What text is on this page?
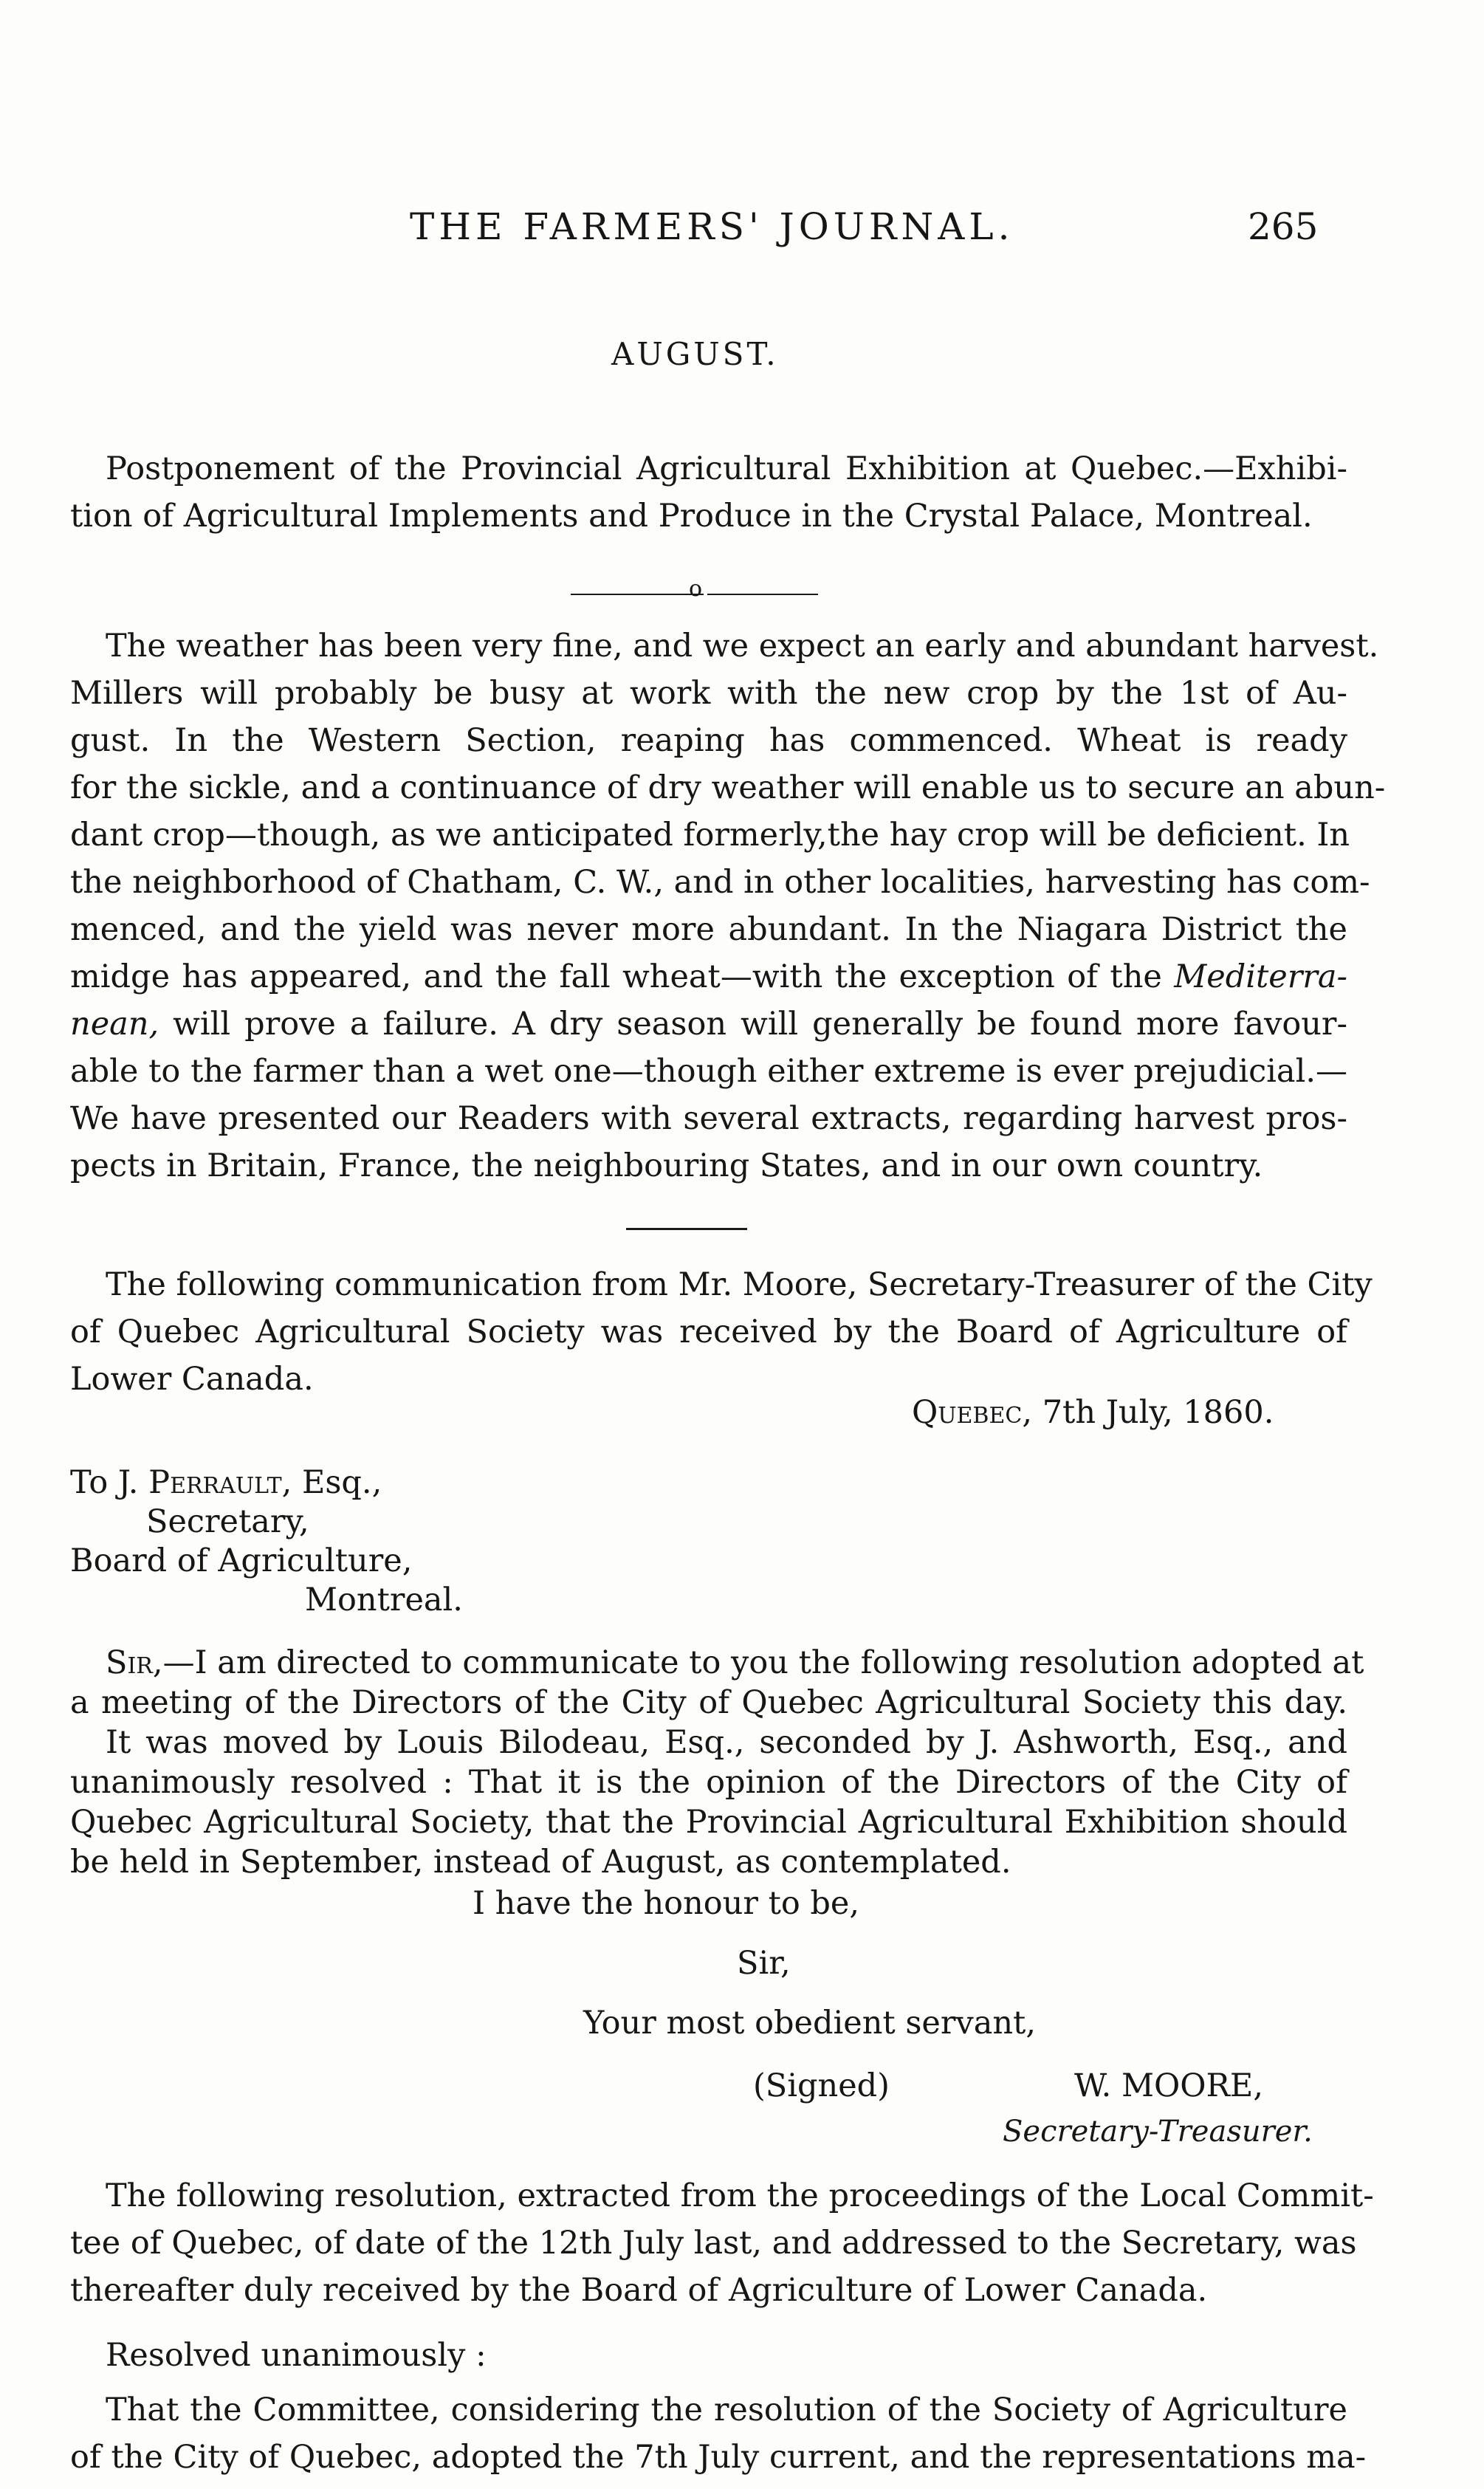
THE FARMERS' JOURNAL.	265
AUGUST.
Postponement of the Provincial Agricultural Exhibition at Quebec.—Exhibi-
tion of Agricultural Implements and Produce in the Crystal Palace, Montreal.
o
The weather has been very fine, and we expect an early and abundant harvest.
Millers will probably be busy at work with the new crop by the 1st of Au-
gust. In the Western Section, reaping has commenced. Wheat is ready
for the sickle, and a continuance of dry weather will enable us to secure an abun-
dant crop—though, as we anticipated formerly,the hay crop will be deficient. In
the neighborhood of Chatham, C. W., and in other localities, harvesting has com-
menced, and the yield was never more abundant. In the Niagara District the
midge has appeared, and the fall wheat—with the exception of the Mediterra-
nean, will prove a failure. A dry season will generally be found more favour-
able to the farmer than a wet one—though either extreme is ever prejudicial.—
We have presented our Readers with several extracts, regarding harvest pros-
pects in Britain, France, the neighbouring States, and in our own country.
The following communication from Mr. Moore, Secretary-Treasurer of the City
of Quebec Agricultural Society was received by the Board of Agriculture of
Lower Canada.
Quebec, 7th July, 1860.
To J. Perrault, Esq.,
Secretary,
Board of Agriculture,
Montreal.
Sir,—I am directed to communicate to you the following resolution adopted at
a meeting of the Directors of the City of Quebec Agricultural Society this day.
It was moved by Louis Bilodeau, Esq., seconded by J. Ashworth, Esq., and
unanimously resolved : That it is the opinion of the Directors of the City of
Quebec Agricultural Society, that the Provincial Agricultural Exhibition should
be held in September, instead of August, as contemplated.
I have the honour to be,
Sir,
Your most obedient servant,
(Signed)	W. MOORE,
Secretary-Treasurer.
The following resolution, extracted from the proceedings of the Local Commit-
tee of Quebec, of date of the 12th July last, and addressed to the Secretary, was
thereafter duly received by the Board of Agriculture of Lower Canada.
Resolved unanimously :
That the Committee, considering the resolution of the Society of Agriculture
of the City of Quebec, adopted the 7th July current, and the representations ma-
